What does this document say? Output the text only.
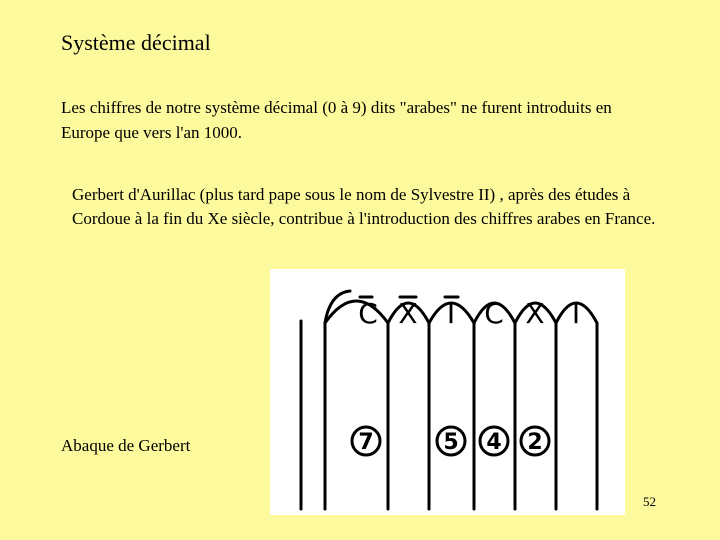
Système décimal
Les chiffres de notre système décimal (0 à 9) dits "arabes" ne furent introduits en Europe que vers l'an 1000.
Gerbert d'Aurillac (plus tard pape sous le nom de Sylvestre II) , après des études à Cordoue à la fin du Xe siècle, contribue à l'introduction des chiffres arabes en France.
C X I C X I
7	5 4 2
Abaque de Gerbert
52
